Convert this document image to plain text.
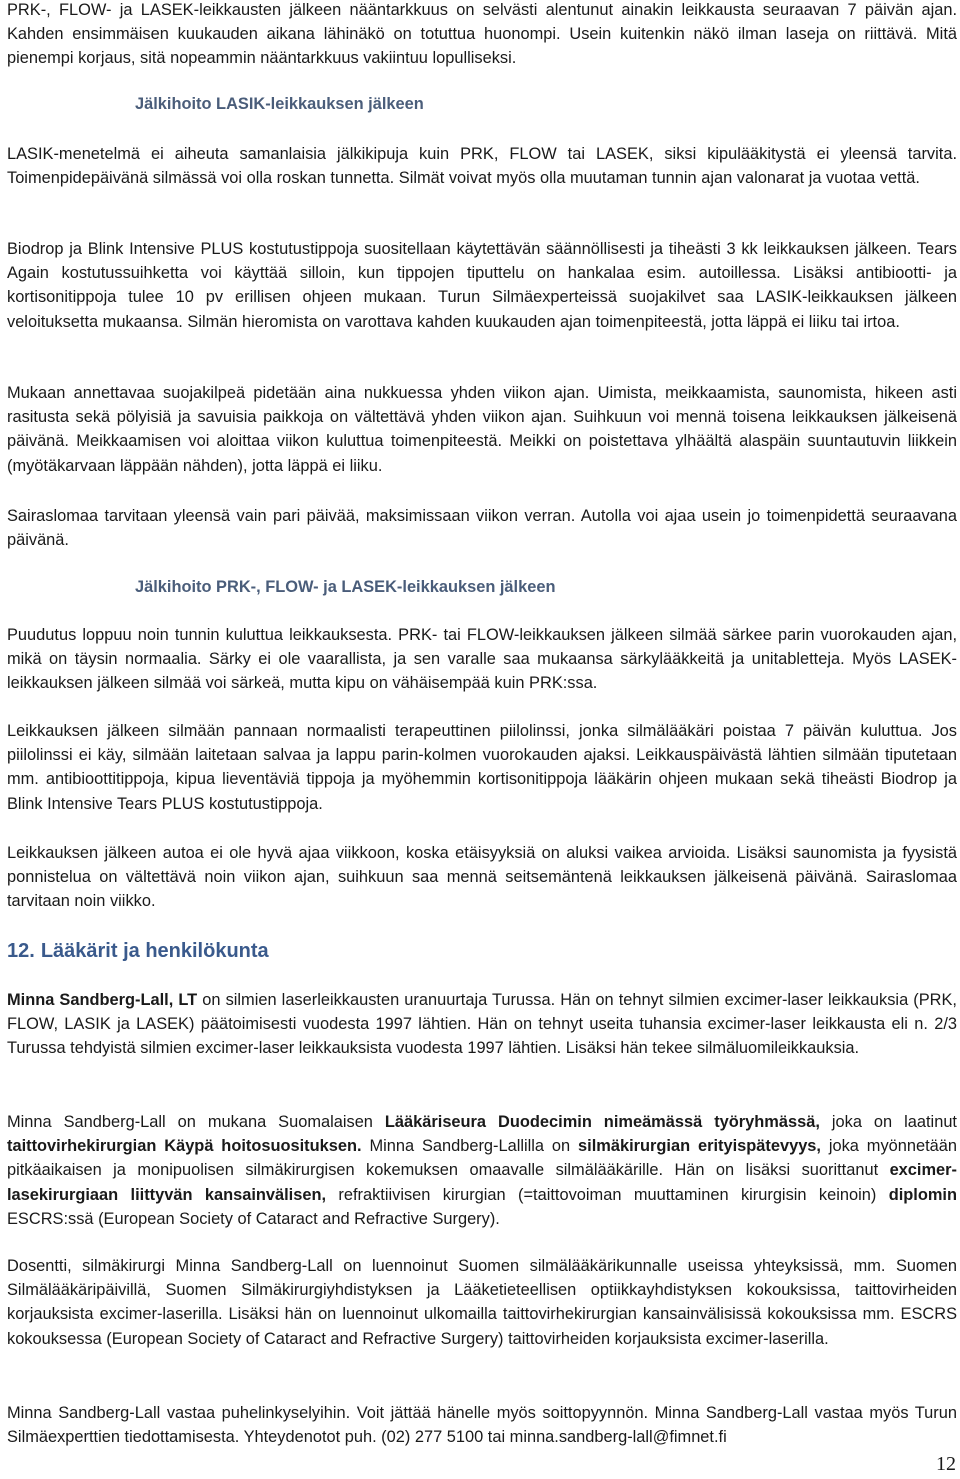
PRK-, FLOW- ja LASEK-leikkausten jälkeen nääntarkkuus on selvästi alentunut ainakin leikkausta seuraavan 7 päivän ajan. Kahden ensimmäisen kuukauden aikana lähinäkö on totuttua huonompi. Usein kuitenkin näkö ilman laseja on riittävä. Mitä pienempi korjaus, sitä nopeammin nääntarkkuus vakiintuu lopulliseksi.

Jälkihoito LASIK-leikkauksen jälkeen

LASIK-menetelmä ei aiheuta samanlaisia jälkikipuja kuin PRK, FLOW tai LASEK, siksi kipulääkitystä ei yleensä tarvita. Toimenpidepäivänä silmässä voi olla roskan tunnetta. Silmät voivat myös olla muutaman tunnin ajan valonarat ja vuotaa vettä.

Biodrop ja Blink Intensive PLUS kostutustippoja suositellaan käytettävän säännöllisesti ja tiheästi 3 kk leikkauksen jälkeen. Tears Again kostutussuihketta voi käyttää silloin, kun tippojen tiputtelu on hankalaa esim. autoillessa. Lisäksi antibiootti- ja kortisonitippoja tulee 10 pv erillisen ohjeen mukaan. Turun Silmäexperteissä suojakilvet saa LASIK-leikkauksen jälkeen veloituksetta mukaansa. Silmän hieromista on varottava kahden kuukauden ajan toimenpiteestä, jotta läppä ei liiku tai irtoa.

Mukaan annettavaa suojakilpeä pidetään aina nukkuessa yhden viikon ajan. Uimista, meikkaamista, saunomista, hikeen asti rasitusta sekä pölyisiä ja savuisia paikkoja on vältettävä yhden viikon ajan. Suihkuun voi mennä toisena leikkauksen jälkeisenä päivänä. Meikkaamisen voi aloittaa viikon kuluttua toimenpiteestä. Meikki on poistettava ylhäältä alaspäin suuntautuvin liikkein (myötäkarvaan läppään nähden), jotta läppä ei liiku.

Sairaslomaa tarvitaan yleensä vain pari päivää, maksimissaan viikon verran. Autolla voi ajaa usein jo toimenpidettä seuraavana päivänä.

Jälkihoito PRK-, FLOW- ja LASEK-leikkauksen jälkeen

Puudutus loppuu noin tunnin kuluttua leikkauksesta. PRK- tai FLOW-leikkauksen jälkeen silmää särkee parin vuorokauden ajan, mikä on täysin normaalia. Särky ei ole vaarallista, ja sen varalle saa mukaansa särkylääkkeitä ja unitabletteja. Myös LASEK-leikkauksen jälkeen silmää voi särkeä, mutta kipu on vähäisempää kuin PRK:ssa.

Leikkauksen jälkeen silmään pannaan normaalisti terapeuttinen piilolinssi, jonka silmälääkäri poistaa 7 päivän kuluttua. Jos piilolinssi ei käy, silmään laitetaan salvaa ja lappu parin-kolmen vuorokauden ajaksi. Leikkauspäivästä lähtien silmään tiputetaan mm. antibioottitippoja, kipua lieventäviä tippoja ja myöhemmin kortisonitippoja lääkärin ohjeen mukaan sekä tiheästi Biodrop ja Blink Intensive Tears PLUS kostutustippoja.

Leikkauksen jälkeen autoa ei ole hyvä ajaa viikkoon, koska etäisyyksiä on aluksi vaikea arvioida. Lisäksi saunomista ja fyysistä ponnistelua on vältettävä noin viikon ajan, suihkuun saa mennä seitsemäntenä leikkauksen jälkeisenä päivänä. Sairaslomaa tarvitaan noin viikko.

12. Lääkärit ja henkilökunta

Minna Sandberg-Lall, LT on silmien laserleikkausten uranuurtaja Turussa. Hän on tehnyt silmien excimer-laser leikkauksia (PRK, FLOW, LASIK ja LASEK) päätoimisesti vuodesta 1997 lähtien. Hän on tehnyt useita tuhansia excimer-laser leikkausta eli n. 2/3 Turussa tehdyistä silmien excimer-laser leikkauksista vuodesta 1997 lähtien. Lisäksi hän tekee silmäluomileikkauksia.

Minna Sandberg-Lall on mukana Suomalaisen Lääkäriseura Duodecimin nimeämässä työryhmässä, joka on laatinut taittovirhekirurgian Käypä hoitosuosituksen. Minna Sandberg-Lallilla on silmäkirurgian erityispätevyys, joka myönnetään pitkäaikaisen ja monipuolisen silmäkirurgisen kokemuksen omaavalle silmälääkärille. Hän on lisäksi suorittanut excimer-lasekirurgiaan liittyvän kansainvälisen, refraktiivisen kirurgian (=taittovoiman muuttaminen kirurgisin keinoin) diplomin ESCRS:ssä (European Society of Cataract and Refractive Surgery).

Dosentti, silmäkirurgi Minna Sandberg-Lall on luennoinut Suomen silmälääkärikunnalle useissa yhteyksissä, mm. Suomen Silmälääkäripäivillä, Suomen Silmäkirurgiyhdistyksen ja Lääketieteellisen optiikkayhdistyksen kokouksissa, taittovirheiden korjauksista excimer-laserilla. Lisäksi hän on luennoinut ulkomailla taittovirhekirurgian kansainvälisissä kokouksissa mm. ESCRS kokouksessa (European Society of Cataract and Refractive Surgery) taittovirheiden korjauksista excimer-laserilla.

Minna Sandberg-Lall vastaa puhelinkyselyihin. Voit jättää hänelle myös soittopyynnön. Minna Sandberg-Lall vastaa myös Turun Silmäexperttien tiedottamisesta. Yhteydenotot puh. (02) 277 5100 tai minna.sandberg-lall@fimnet.fi

12
